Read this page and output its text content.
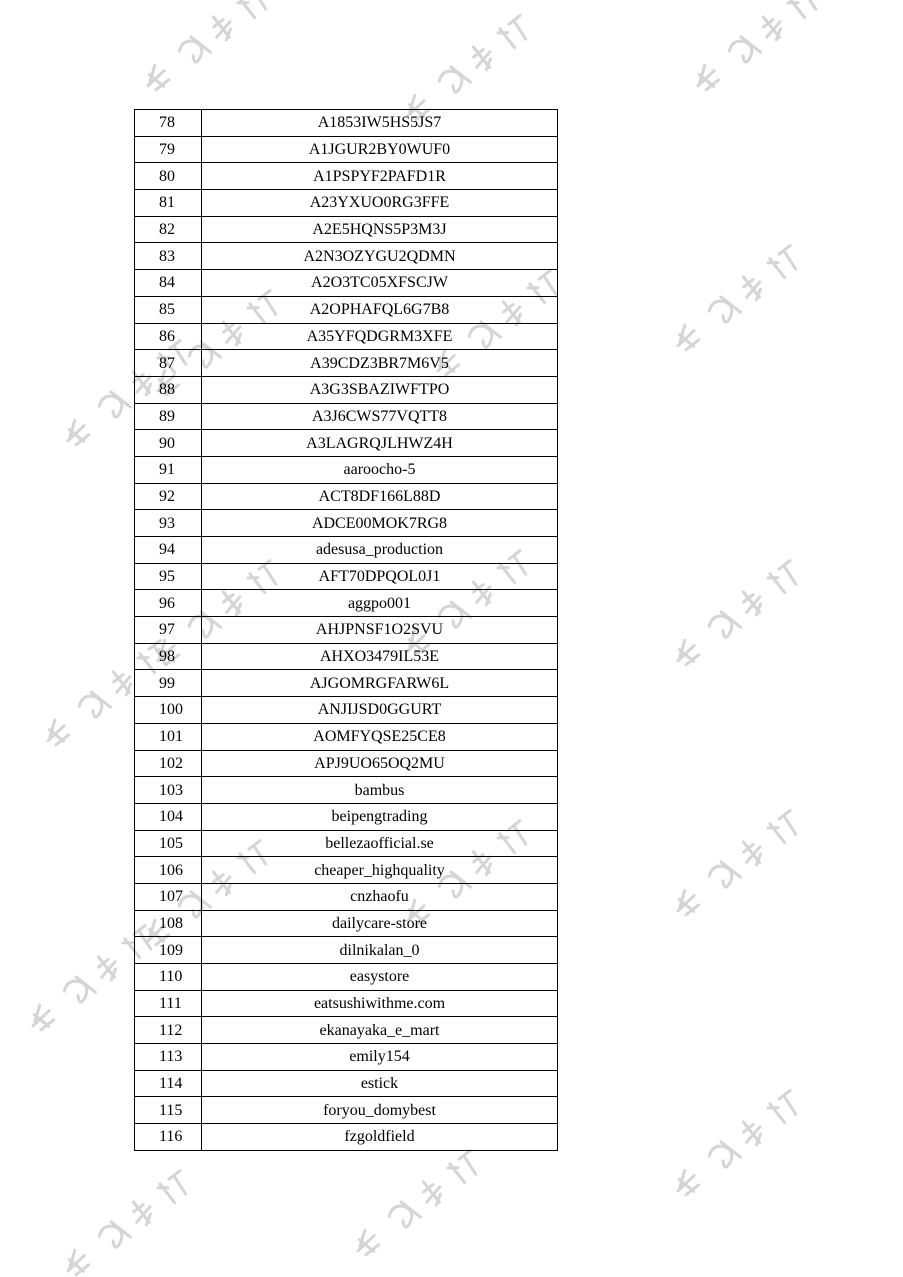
78	A1853IW5HS5JS7
79	A1JGUR2BY0WUF0
80	A1PSPYF2PAFD1R
81	A23YXUO0RG3FFE
82	A2E5HQNS5P3M3J
83	A2N3OZYGU2QDMN
84	A2O3TC05XFSCJW
85	A2OPHAFQL6G7B8
86	A35YFQDGRM3XFE
87	A39CDZ3BR7M6V5
88	A3G3SBAZIWFTPO
89	A3J6CWS77VQTT8
90	A3LAGRQJLHWZ4H
91	aaroocho-5
92	ACT8DF166L88D
93	ADCE00MOK7RG8
94	adesusa_production
95	AFT70DPQOL0J1
96	aggpo001
97	AHJPNSF1O2SVU
98	AHXO3479IL53E
99	AJGOMRGFARW6L
100	ANJIJSD0GGURT
101	AOMFYQSE25CE8
102	APJ9UO65OQ2MU
103	bambus
104	beipengtrading
105	bellezaofficial.se
106	cheaper_highquality
107	cnzhaofu
108	dailycare-store
109	dilnikalan_0
110	easystore
111	eatsushiwithme.com
112	ekanayaka_e_mart
113	emily154
114	estick
115	foryou_domybest
116	fzgoldfield
